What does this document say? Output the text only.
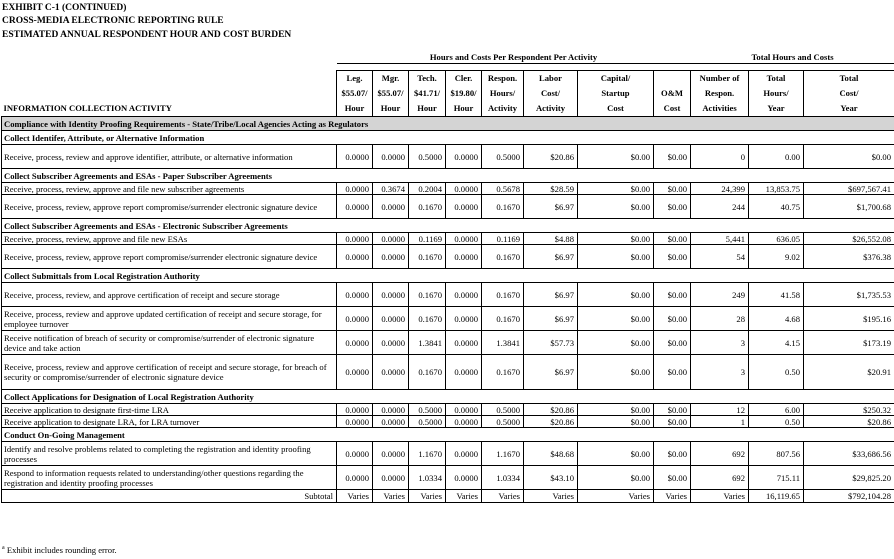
EXHIBIT C-1 (CONTINUED)
CROSS-MEDIA ELECTRONIC REPORTING RULE
ESTIMATED ANNUAL RESPONDENT HOUR AND COST BURDEN
	Hours and Costs Per Respondent Per Activity								Total Hours and Costs		

	Leg.	Mgr.	Tech.	Cler.	Respon.	Labor	Capital/		Number of	Total	Total
	$55.07/	$55.07/	$41.71/	$19.80/	Hours/	Cost/	Startup	O&M	Respon.	Hours/	Cost/
INFORMATION COLLECTION ACTIVITY	Hour	Hour	Hour	Hour	Activity	Activity	Cost	Cost	Activities	Year	Year
Compliance with Identity Proofing Requirements - State/Tribe/Local Agencies Acting as Regulators											
Collect Identifer, Attribute, or Alternative Information											
Receive, process, review and approve identifier, attribute, or alternative information	0.0000	0.0000	0.5000	0.0000	0.5000	$20.86	$0.00	$0.00	0	0.00	$0.00
Collect Subscriber Agreements and ESAs - Paper Subscriber Agreements											
Receive, process, review, approve and file new subscriber agreements	0.0000	0.3674	0.2004	0.0000	0.5678	$28.59	$0.00	$0.00	24,399	13,853.75	$697,567.41
Receive, process, review, approve report compromise/surrender electronic signature device	0.0000	0.0000	0.1670	0.0000	0.1670	$6.97	$0.00	$0.00	244	40.75	$1,700.68
Collect Subscriber Agreements and ESAs - Electronic Subscriber Agreements											
Receive, process, review, approve and file new ESAs	0.0000	0.0000	0.1169	0.0000	0.1169	$4.88	$0.00	$0.00	5,441	636.05	$26,552.08
Receive, process, review, approve report compromise/surrender electronic signature device	0.0000	0.0000	0.1670	0.0000	0.1670	$6.97	$0.00	$0.00	54	9.02	$376.38
Collect Submittals from Local Registration Authority											
Receive, process, review, and approve certification of receipt and secure storage	0.0000	0.0000	0.1670	0.0000	0.1670	$6.97	$0.00	$0.00	249	41.58	$1,735.53
Receive, process, review and approve updated certification of receipt and secure storage, for employee turnover	0.0000	0.0000	0.1670	0.0000	0.1670	$6.97	$0.00	$0.00	28	4.68	$195.16
Receive notification of breach of security or compromise/surrender of electronic signature device and take action	0.0000	0.0000	1.3841	0.0000	1.3841	$57.73	$0.00	$0.00	3	4.15	$173.19
Receive, process, review and approve certification of receipt and secure storage, for breach of security or compromise/surrender of electronic signature device	0.0000	0.0000	0.1670	0.0000	0.1670	$6.97	$0.00	$0.00	3	0.50	$20.91
Collect Applications for Designation of Local Registration Authority											
Receive application to designate first-time LRA	0.0000	0.0000	0.5000	0.0000	0.5000	$20.86	$0.00	$0.00	12	6.00	$250.32
Receive application to designate LRA, for LRA turnover	0.0000	0.0000	0.5000	0.0000	0.5000	$20.86	$0.00	$0.00	1	0.50	$20.86
Conduct On-Going Management											
Identify and resolve problems related to completing the registration and identity proofing processes	0.0000	0.0000	1.1670	0.0000	1.1670	$48.68	$0.00	$0.00	692	807.56	$33,686.56
Respond to information requests related to understanding/other questions regarding the registration and identity proofing processes	0.0000	0.0000	1.0334	0.0000	1.0334	$43.10	$0.00	$0.00	692	715.11	$29,825.20
Subtotal	Varies	Varies	Varies	Varies	Varies	Varies	Varies	Varies	Varies	16,119.65	$792,104.28
$^a$ Exhibit includes rounding error.
